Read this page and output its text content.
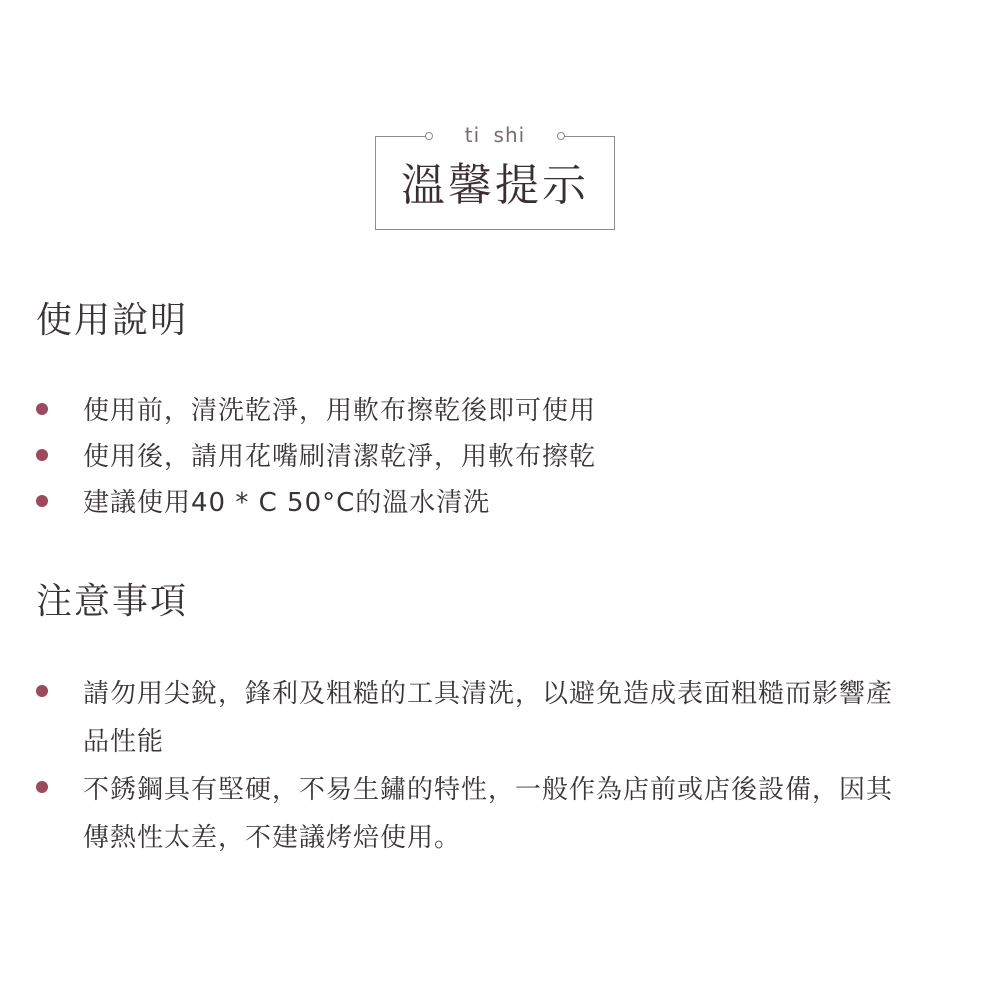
ti shi
溫馨提示
使用說明
使用前，清洗乾淨，用軟布擦乾後即可使用
使用後，請用花嘴刷清潔乾淨，用軟布擦乾
建議使用40 * C 50°C的溫水清洗
注意事項
請勿用尖銳，鋒利及粗糙的工具清洗，以避免造成表面粗糙而影響產品性能
不銹鋼具有堅硬，不易生鏽的特性，一般作為店前或店後設備，因其傳熱性太差，不建議烤焙使用。
